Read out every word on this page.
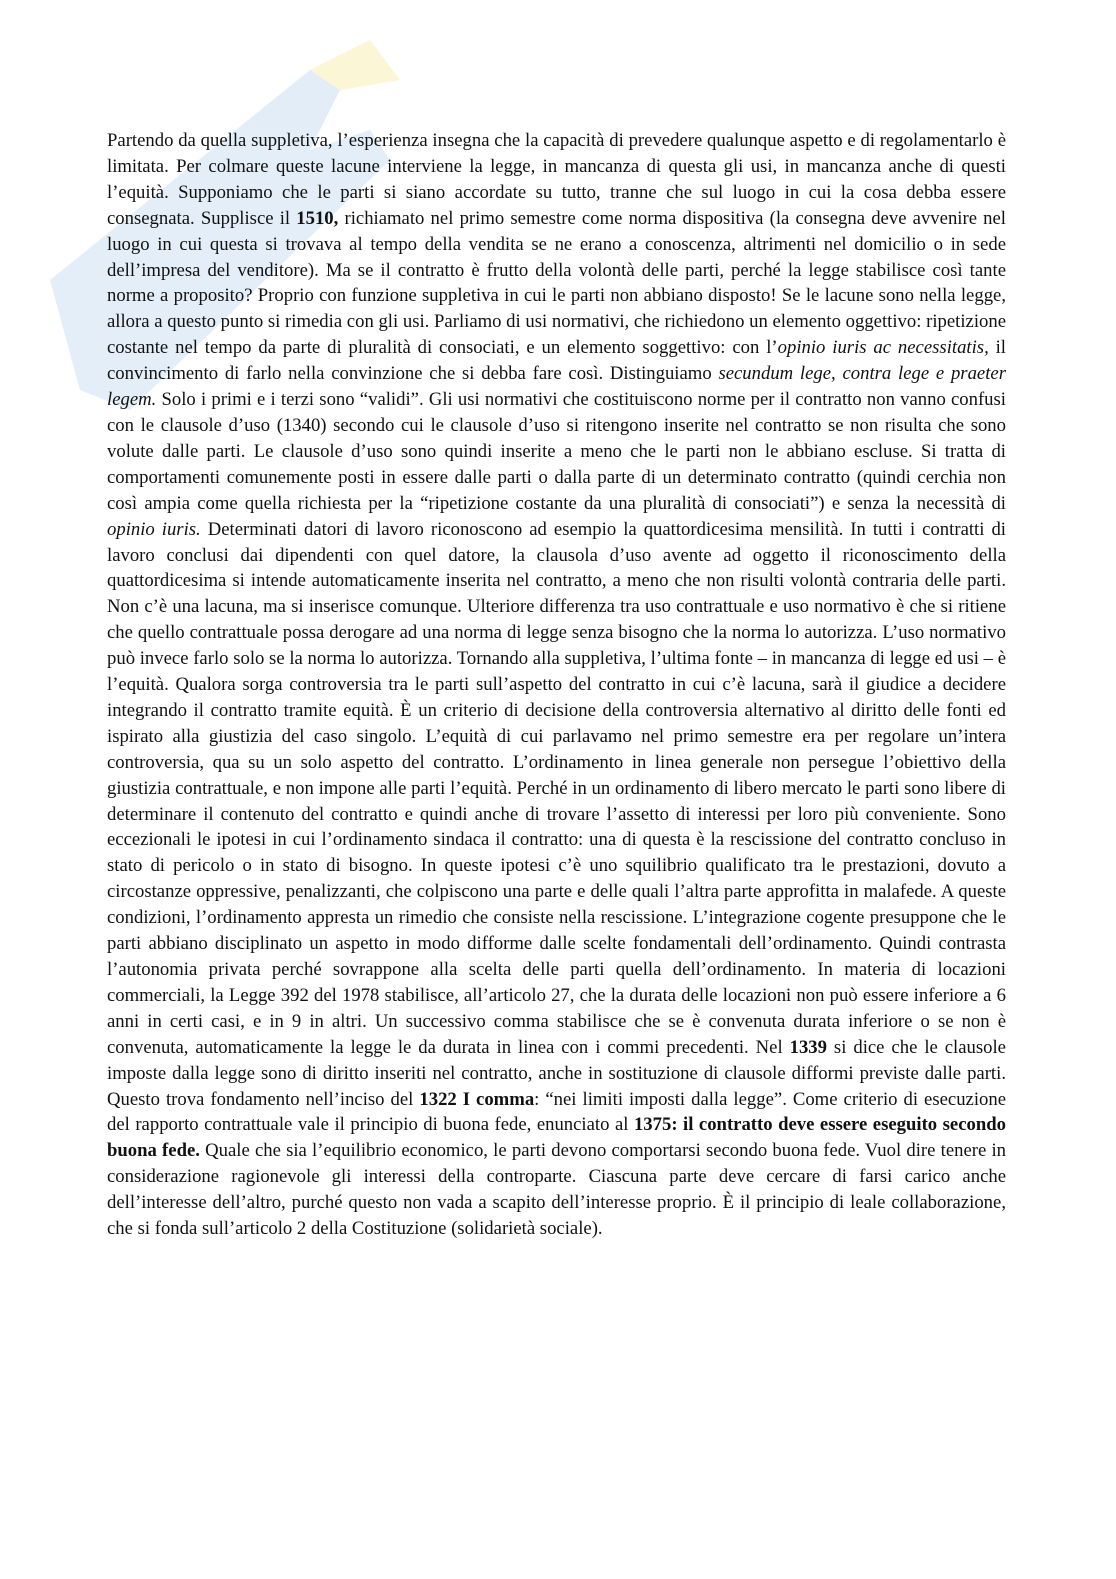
Partendo da quella suppletiva, l’esperienza insegna che la capacità di prevedere qualunque aspetto e di regolamentarlo è limitata. Per colmare queste lacune interviene la legge, in mancanza di questa gli usi, in mancanza anche di questi l’equità. Supponiamo che le parti si siano accordate su tutto, tranne che sul luogo in cui la cosa debba essere consegnata. Supplisce il 1510, richiamato nel primo semestre come norma dispositiva (la consegna deve avvenire nel luogo in cui questa si trovava al tempo della vendita se ne erano a conoscenza, altrimenti nel domicilio o in sede dell’impresa del venditore). Ma se il contratto è frutto della volontà delle parti, perché la legge stabilisce così tante norme a proposito? Proprio con funzione suppletiva in cui le parti non abbiano disposto! Se le lacune sono nella legge, allora a questo punto si rimedia con gli usi. Parliamo di usi normativi, che richiedono un elemento oggettivo: ripetizione costante nel tempo da parte di pluralità di consociati, e un elemento soggettivo: con l’opinio iuris ac necessitatis, il convincimento di farlo nella convinzione che si debba fare così. Distinguiamo secundum lege, contra lege e praeter legem. Solo i primi e i terzi sono “validi”. Gli usi normativi che costituiscono norme per il contratto non vanno confusi con le clausole d’uso (1340) secondo cui le clausole d’uso si ritengono inserite nel contratto se non risulta che sono volute dalle parti. Le clausole d’uso sono quindi inserite a meno che le parti non le abbiano escluse. Si tratta di comportamenti comunemente posti in essere dalle parti o dalla parte di un determinato contratto (quindi cerchia non così ampia come quella richiesta per la “ripetizione costante da una pluralità di consociati”) e senza la necessità di opinio iuris. Determinati datori di lavoro riconoscono ad esempio la quattordicesima mensilità. In tutti i contratti di lavoro conclusi dai dipendenti con quel datore, la clausola d’uso avente ad oggetto il riconoscimento della quattordicesima si intende automaticamente inserita nel contratto, a meno che non risulti volontà contraria delle parti. Non c’è una lacuna, ma si inserisce comunque. Ulteriore differenza tra uso contrattuale e uso normativo è che si ritiene che quello contrattuale possa derogare ad una norma di legge senza bisogno che la norma lo autorizza. L’uso normativo può invece farlo solo se la norma lo autorizza. Tornando alla suppletiva, l’ultima fonte – in mancanza di legge ed usi – è l’equità. Qualora sorga controversia tra le parti sull’aspetto del contratto in cui c’è lacuna, sarà il giudice a decidere integrando il contratto tramite equità. È un criterio di decisione della controversia alternativo al diritto delle fonti ed ispirato alla giustizia del caso singolo. L’equità di cui parlavamo nel primo semestre era per regolare un’intera controversia, qua su un solo aspetto del contratto. L’ordinamento in linea generale non persegue l’obiettivo della giustizia contrattuale, e non impone alle parti l’equità. Perché in un ordinamento di libero mercato le parti sono libere di determinare il contenuto del contratto e quindi anche di trovare l’assetto di interessi per loro più conveniente. Sono eccezionali le ipotesi in cui l’ordinamento sindaca il contratto: una di questa è la rescissione del contratto concluso in stato di pericolo o in stato di bisogno. In queste ipotesi c’è uno squilibrio qualificato tra le prestazioni, dovuto a circostanze oppressive, penalizzanti, che colpiscono una parte e delle quali l’altra parte approfitta in malafede. A queste condizioni, l’ordinamento appresta un rimedio che consiste nella rescissione. L’integrazione cogente presuppone che le parti abbiano disciplinato un aspetto in modo difforme dalle scelte fondamentali dell’ordinamento. Quindi contrasta l’autonomia privata perché sovrappone alla scelta delle parti quella dell’ordinamento. In materia di locazioni commerciali, la Legge 392 del 1978 stabilisce, all’articolo 27, che la durata delle locazioni non può essere inferiore a 6 anni in certi casi, e in 9 in altri. Un successivo comma stabilisce che se è convenuta durata inferiore o se non è convenuta, automaticamente la legge le da durata in linea con i commi precedenti. Nel 1339 si dice che le clausole imposte dalla legge sono di diritto inseriti nel contratto, anche in sostituzione di clausole difformi previste dalle parti. Questo trova fondamento nell’inciso del 1322 I comma: “nei limiti imposti dalla legge”. Come criterio di esecuzione del rapporto contrattuale vale il principio di buona fede, enunciato al 1375: il contratto deve essere eseguito secondo buona fede. Quale che sia l’equilibrio economico, le parti devono comportarsi secondo buona fede. Vuol dire tenere in considerazione ragionevole gli interessi della controparte. Ciascuna parte deve cercare di farsi carico anche dell’interesse dell’altro, purché questo non vada a scapito dell’interesse proprio. È il principio di leale collaborazione, che si fonda sull’articolo 2 della Costituzione (solidarietà sociale).
